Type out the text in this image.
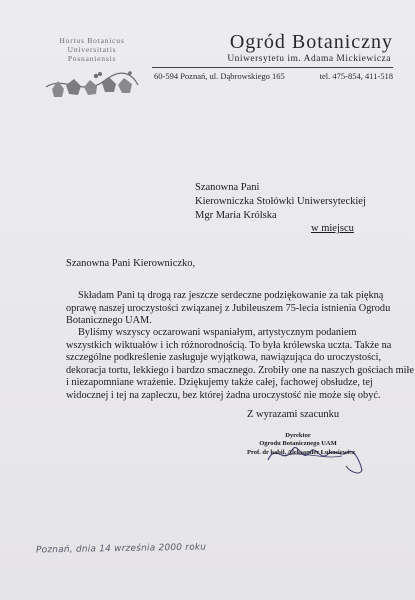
Hortus Botanicus
Universitatis
Posnaniensis
Ogród Botaniczny
Uniwersytetu im. Adama Mickiewicza
60-594 Poznań, ul. Dąbrowskiego 165	tel. 475-854, 411-518
Szanowna Pani
Kierowniczka Stołówki Uniwersyteckiej
Mgr Maria Królska
w miejscu
Szanowna Pani Kierowniczko,
Składam Pani tą drogą raz jeszcze serdeczne podziękowanie za tak piękną
oprawę naszej uroczystości związanej z Jubileuszem 75-lecia istnienia Ogrodu
Botanicznego UAM.
Byliśmy wszyscy oczarowani wspaniałym, artystycznym podaniem
wszystkich wiktuałów i ich różnorodnością. To była królewska uczta. Także na
szczególne podkreślenie zasługuje wyjątkowa, nawiązująca do uroczystości,
dekoracja tortu, lekkiego i bardzo smacznego. Zrobiły one na naszych gościach miłe
i niezapomniane wrażenie. Dziękujemy także całej, fachowej obsłudze, tej
widocznej i tej na zapleczu, bez której żadna uroczystość nie może się obyć.
Z wyrazami szacunku
Dyrektor
Ogrodu Botanicznego UAM
Prof. dr habil. Aleksander Łukasiewicz
Poznań, dnia 14 września 2000 roku
